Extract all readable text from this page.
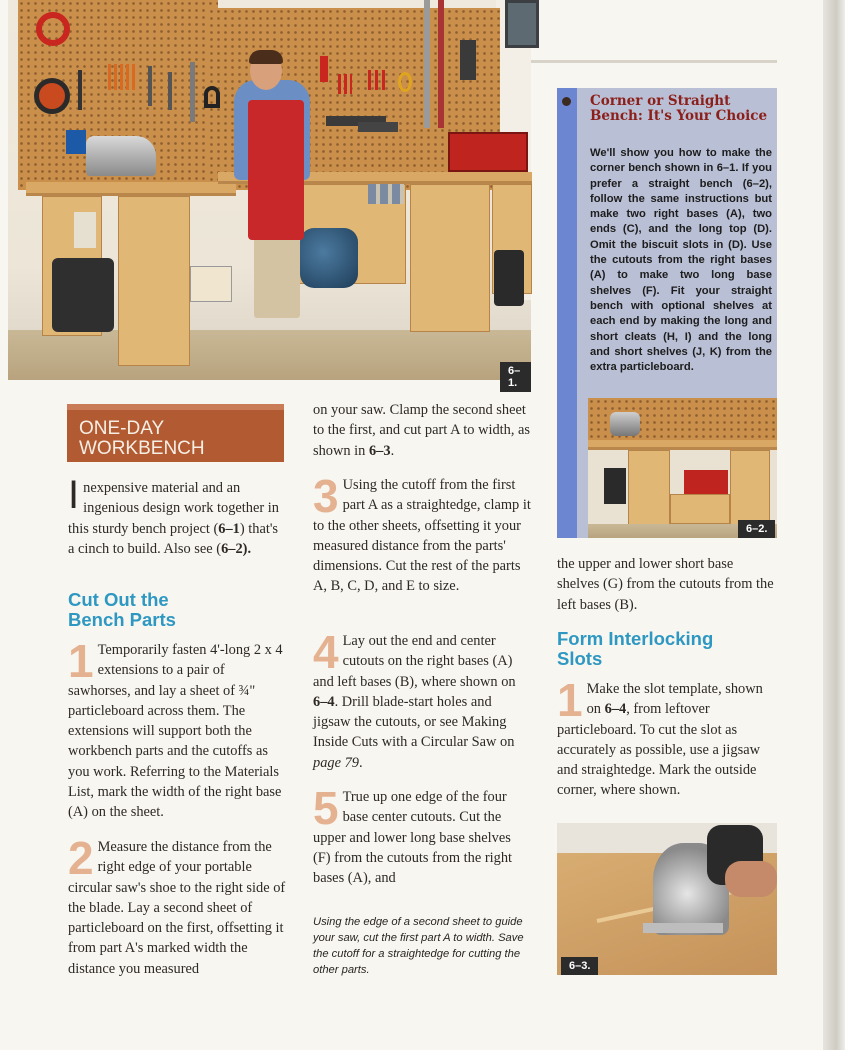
6–1.
Corner or Straight Bench: It's Your Choice
We'll show you how to make the corner bench shown in 6–1. If you prefer a straight bench (6–2), follow the same instructions but make two right bases (A), two ends (C), and the long top (D). Omit the biscuit slots in (D). Use the cutouts from the right bases (A) to make two long base shelves (F). Fit your straight bench with optional shelves at each end by making the long and short cleats (H, I) and the long and short shelves (J, K) from the extra particleboard.
6–2.
ONE-DAY
WORKBENCH

Inexpensive material and an ingenious design work together in this sturdy bench project (6–1) that's a cinch to build. Also see (6–2).

Cut Out the
Bench Parts

1 Temporarily fasten 4'-long 2 x 4 extensions to a pair of sawhorses, and lay a sheet of ¾" particleboard across them. The extensions will support both the workbench parts and the cutoffs as you work. Referring to the Materials List, mark the width of the right base (A) on the sheet.

2 Measure the distance from the right edge of your portable circular saw's shoe to the right side of the blade. Lay a second sheet of particleboard on the first, offsetting it from part A's marked width the distance you measured

on your saw. Clamp the second sheet to the first, and cut part A to width, as shown in 6–3.

3 Using the cutoff from the first part A as a straightedge, clamp it to the other sheets, offsetting it your measured distance from the parts' dimensions. Cut the rest of the parts A, B, C, D, and E to size.

4 Lay out the end and center cutouts on the right bases (A) and left bases (B), where shown on 6–4. Drill blade-start holes and jigsaw the cutouts, or see Making Inside Cuts with a Circular Saw on page 79.

5 True up one edge of the four base center cutouts. Cut the upper and lower long base shelves (F) from the cutouts from the right bases (A), and

Using the edge of a second sheet to guide your saw, cut the first part A to width. Save the cutoff for a straightedge for cutting the other parts.
the upper and lower short base shelves (G) from the cutouts from the left bases (B).
Form Interlocking
Slots

1 Make the slot template, shown on 6–4, from leftover particleboard. To cut the slot as accurately as possible, use a jigsaw and straightedge. Mark the outside corner, where shown.

6–3.
